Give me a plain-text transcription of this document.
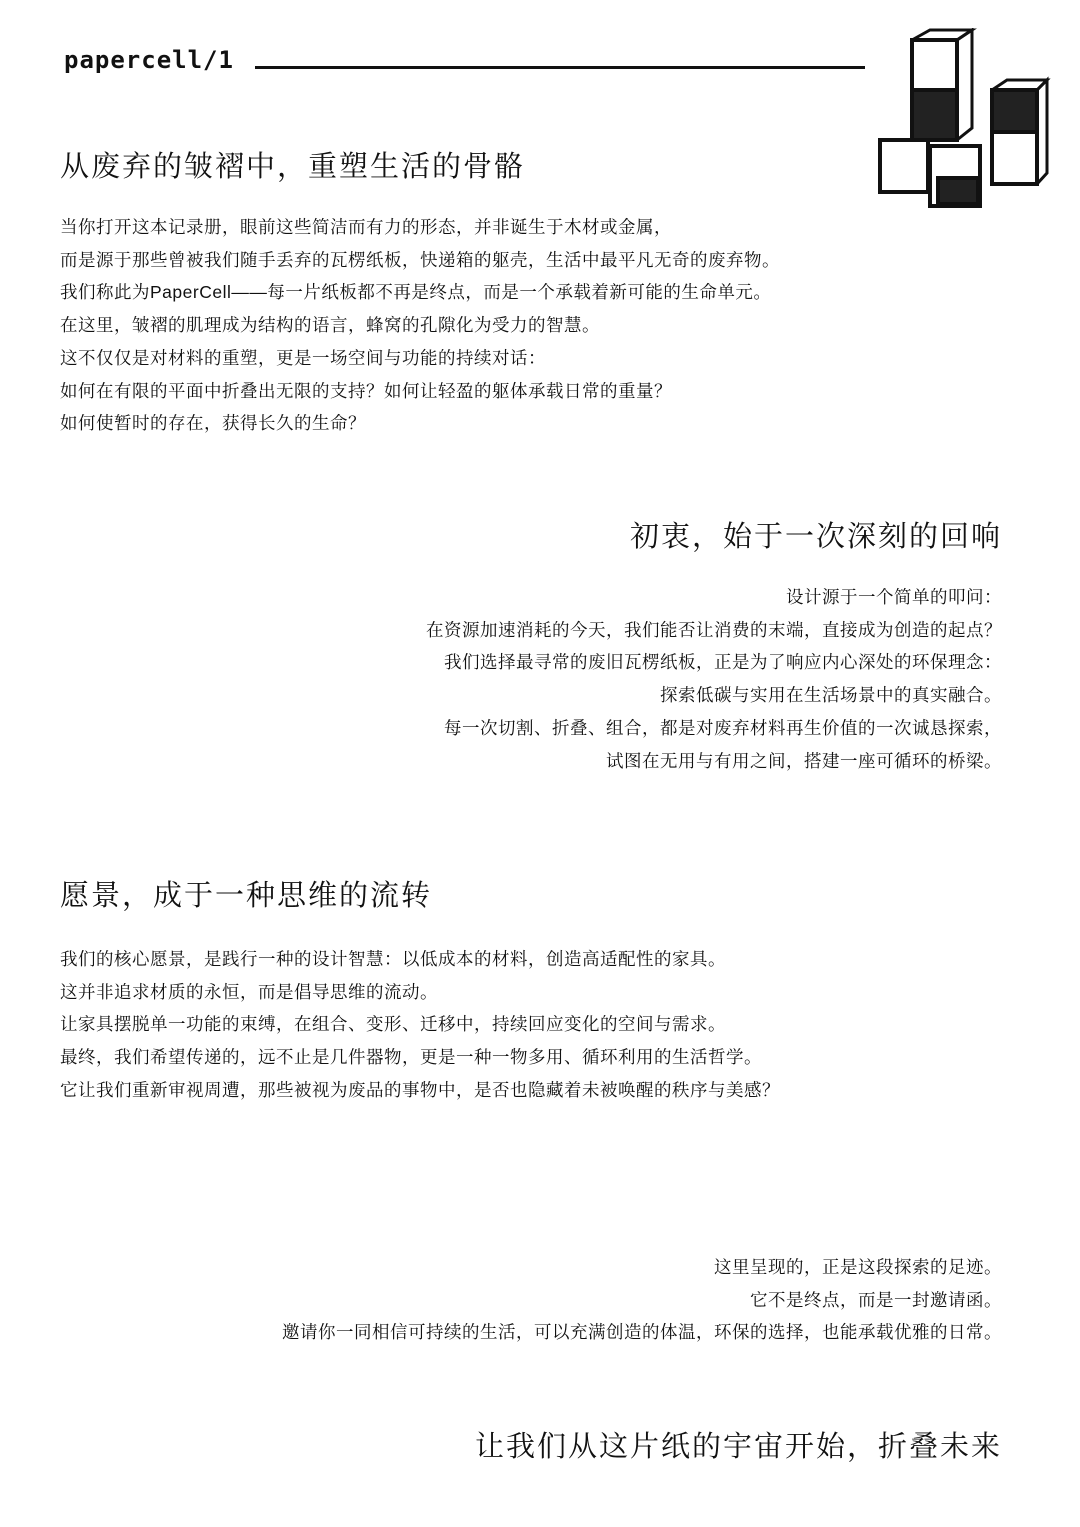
papercell/1
从废弃的皱褶中，重塑生活的骨骼
当你打开这本记录册，眼前这些简洁而有力的形态，并非诞生于木材或金属，
而是源于那些曾被我们随手丢弃的瓦楞纸板，快递箱的躯壳，生活中最平凡无奇的废弃物。
我们称此为PaperCell——每一片纸板都不再是终点，而是一个承载着新可能的生命单元。
在这里，皱褶的肌理成为结构的语言，蜂窝的孔隙化为受力的智慧。
这不仅仅是对材料的重塑，更是一场空间与功能的持续对话：
如何在有限的平面中折叠出无限的支持？如何让轻盈的躯体承载日常的重量？
如何使暂时的存在，获得长久的生命？
初衷，始于一次深刻的回响
设计源于一个简单的叩问：
在资源加速消耗的今天，我们能否让消费的末端，直接成为创造的起点？
我们选择最寻常的废旧瓦楞纸板，正是为了响应内心深处的环保理念：
探索低碳与实用在生活场景中的真实融合。
每一次切割、折叠、组合，都是对废弃材料再生价值的一次诚恳探索，
试图在无用与有用之间，搭建一座可循环的桥梁。
愿景，成于一种思维的流转
我们的核心愿景，是践行一种的设计智慧：以低成本的材料，创造高适配性的家具。
这并非追求材质的永恒，而是倡导思维的流动。
让家具摆脱单一功能的束缚，在组合、变形、迁移中，持续回应变化的空间与需求。
最终，我们希望传递的，远不止是几件器物，更是一种一物多用、循环利用的生活哲学。
它让我们重新审视周遭，那些被视为废品的事物中，是否也隐藏着未被唤醒的秩序与美感？
这里呈现的，正是这段探索的足迹。
它不是终点，而是一封邀请函。
邀请你一同相信可持续的生活，可以充满创造的体温，环保的选择，也能承载优雅的日常。
让我们从这片纸的宇宙开始，折叠未来
